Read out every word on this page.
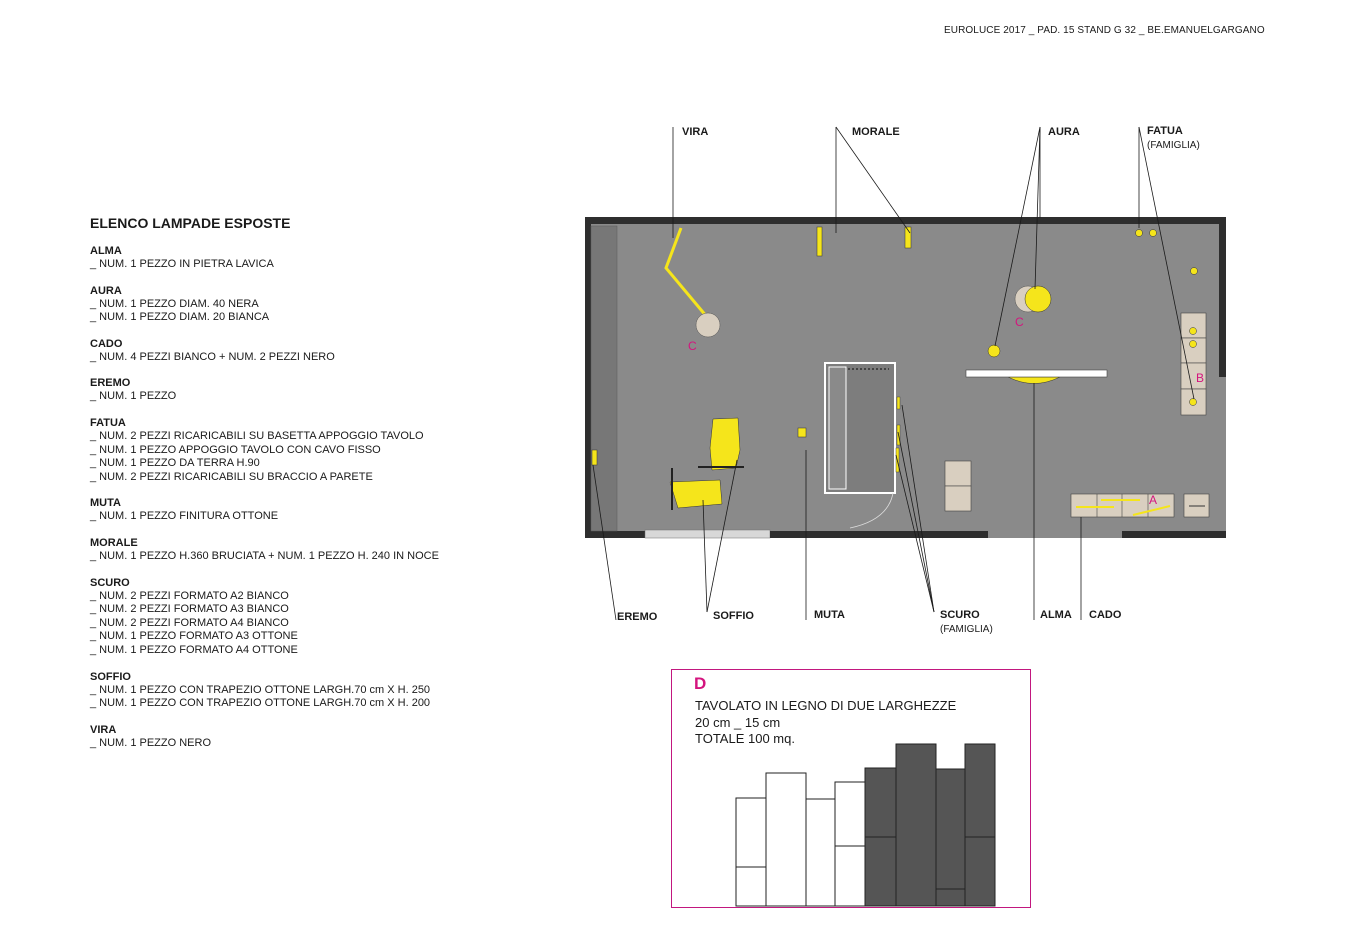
EUROLUCE 2017 _ PAD. 15 STAND G 32 _ BE.EMANUELGARGANO
ELENCO LAMPADE ESPOSTE
ALMA
_ NUM. 1 PEZZO IN PIETRA LAVICA
AURA
_ NUM. 1 PEZZO DIAM. 40 NERA
_ NUM. 1 PEZZO DIAM. 20 BIANCA
CADO
_ NUM. 4 PEZZI BIANCO + NUM. 2 PEZZI NERO
EREMO
_ NUM. 1 PEZZO
FATUA
_ NUM. 2 PEZZI RICARICABILI SU BASETTA APPOGGIO TAVOLO
_ NUM. 1 PEZZO APPOGGIO TAVOLO CON CAVO FISSO
_ NUM. 1 PEZZO DA TERRA H.90
_ NUM. 2 PEZZI RICARICABILI SU BRACCIO A PARETE
MUTA
_ NUM. 1 PEZZO FINITURA OTTONE
MORALE
_ NUM. 1 PEZZO H.360 BRUCIATA + NUM. 1 PEZZO H. 240 IN NOCE
SCURO
_ NUM. 2 PEZZI FORMATO A2 BIANCO
_ NUM. 2 PEZZI FORMATO A3 BIANCO
_ NUM. 2 PEZZI FORMATO A4 BIANCO
_ NUM. 1 PEZZO FORMATO A3 OTTONE
_ NUM. 1 PEZZO FORMATO A4 OTTONE
SOFFIO
_ NUM. 1 PEZZO CON TRAPEZIO OTTONE LARGH.70 cm X H. 250
_ NUM. 1 PEZZO CON TRAPEZIO OTTONE LARGH.70 cm X H. 200
VIRA
_ NUM. 1 PEZZO NERO
C
C
B
A
VIRA	MORALE	AURA	FATUA
(FAMIGLIA)
EREMO	SOFFIO	MUTA	SCURO
(FAMIGLIA)
ALMA CADO
D
TAVOLATO IN LEGNO DI DUE LARGHEZZE
20 cm _ 15 cm
TOTALE 100 mq.
